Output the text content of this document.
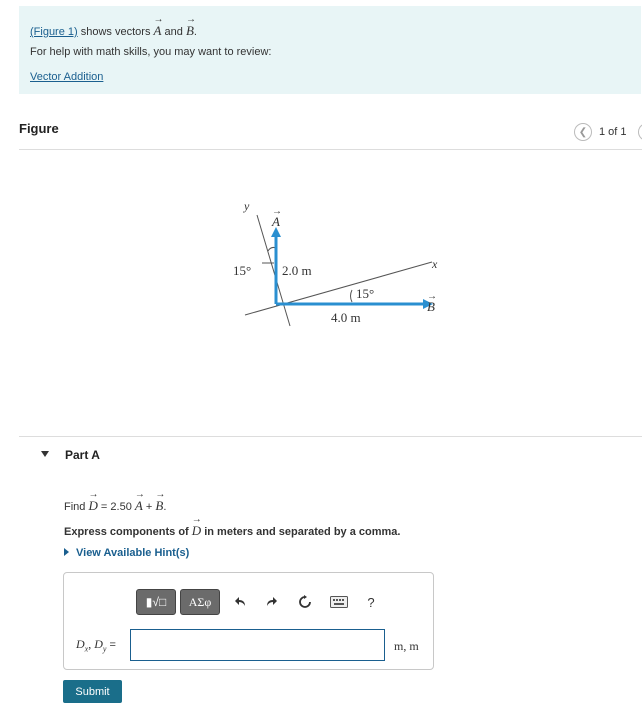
(Figure 1) shows vectors → A and → B.
For help with math skills, you may want to review:
Vector Addition
Figure	❮	1 of 1
y
x
A
→
B
→
15° 2.0 m
15°
4.0 m
Part A
Find → D = 2.50 → A + → B.
Express components of → D in meters and separated by a comma.
View Available Hint(s)
▮√□ ΑΣφ	?
$D_x$, $D_y$ =	m, m
Submit
